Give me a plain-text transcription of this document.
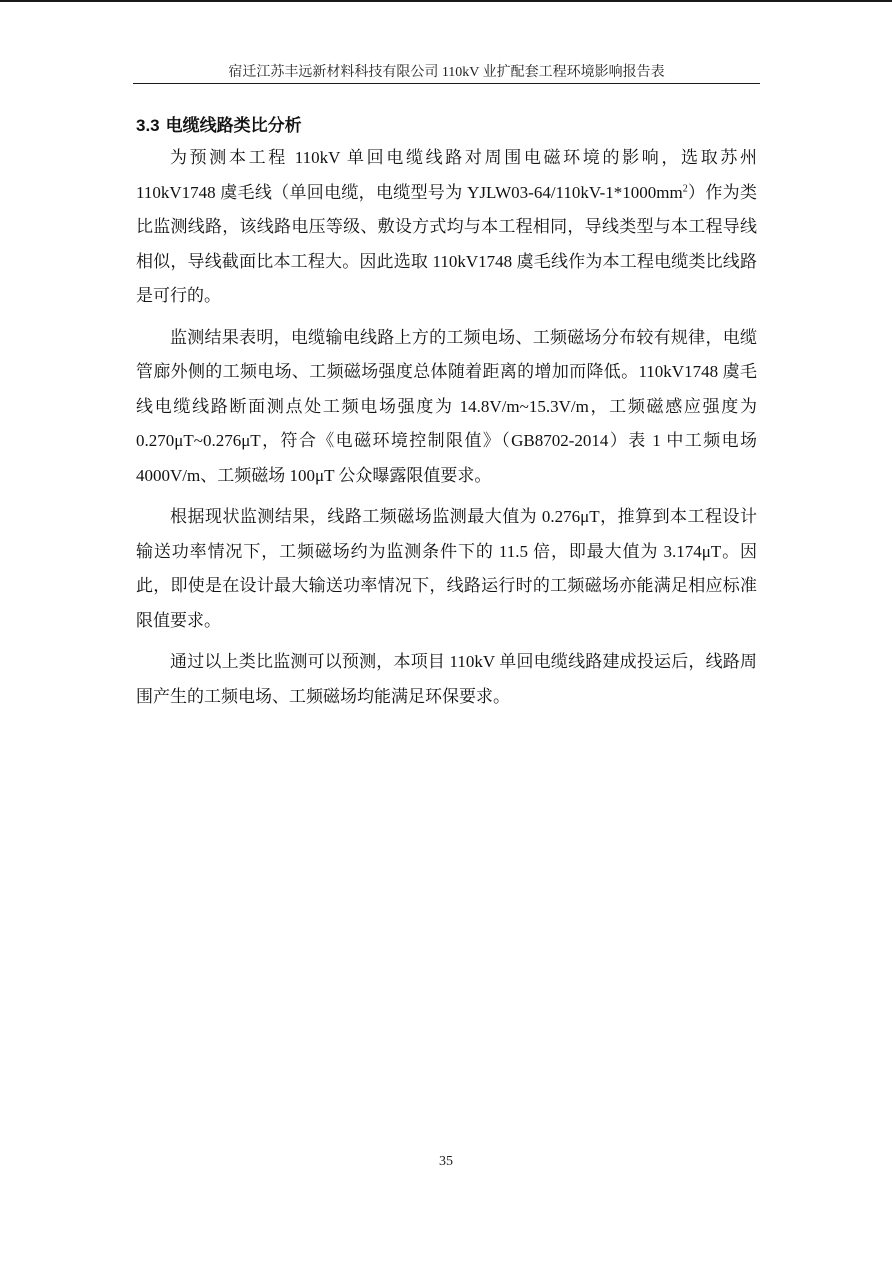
宿迁江苏丰远新材料科技有限公司 110kV 业扩配套工程环境影响报告表
3.3 电缆线路类比分析

为预测本工程 110kV 单回电缆线路对周围电磁环境的影响，选取苏州 110kV1748 虞毛线（单回电缆，电缆型号为 $YJLW03-64/110kV-1*1000mm^2$）作为类比监测线路，该线路电压等级、敷设方式均与本工程相同，导线类型与本工程导线相似，导线截面比本工程大。因此选取 110kV1748 虞毛线作为本工程电缆类比线路是可行的。

监测结果表明，电缆输电线路上方的工频电场、工频磁场分布较有规律，电缆管廊外侧的工频电场、工频磁场强度总体随着距离的增加而降低。110kV1748 虞毛线电缆线路断面测点处工频电场强度为 14.8V/m~15.3V/m，工频磁感应强度为 0.270μT~0.276μT，符合《电磁环境控制限值》（GB8702-2014）表 1 中工频电场 4000V/m、工频磁场 100μT 公众曝露限值要求。

根据现状监测结果，线路工频磁场监测最大值为 0.276μT，推算到本工程设计输送功率情况下，工频磁场约为监测条件下的 11.5 倍，即最大值为 3.174μT。因此，即使是在设计最大输送功率情况下，线路运行时的工频磁场亦能满足相应标准限值要求。

通过以上类比监测可以预测，本项目 110kV 单回电缆线路建成投运后，线路周围产生的工频电场、工频磁场均能满足环保要求。

35
